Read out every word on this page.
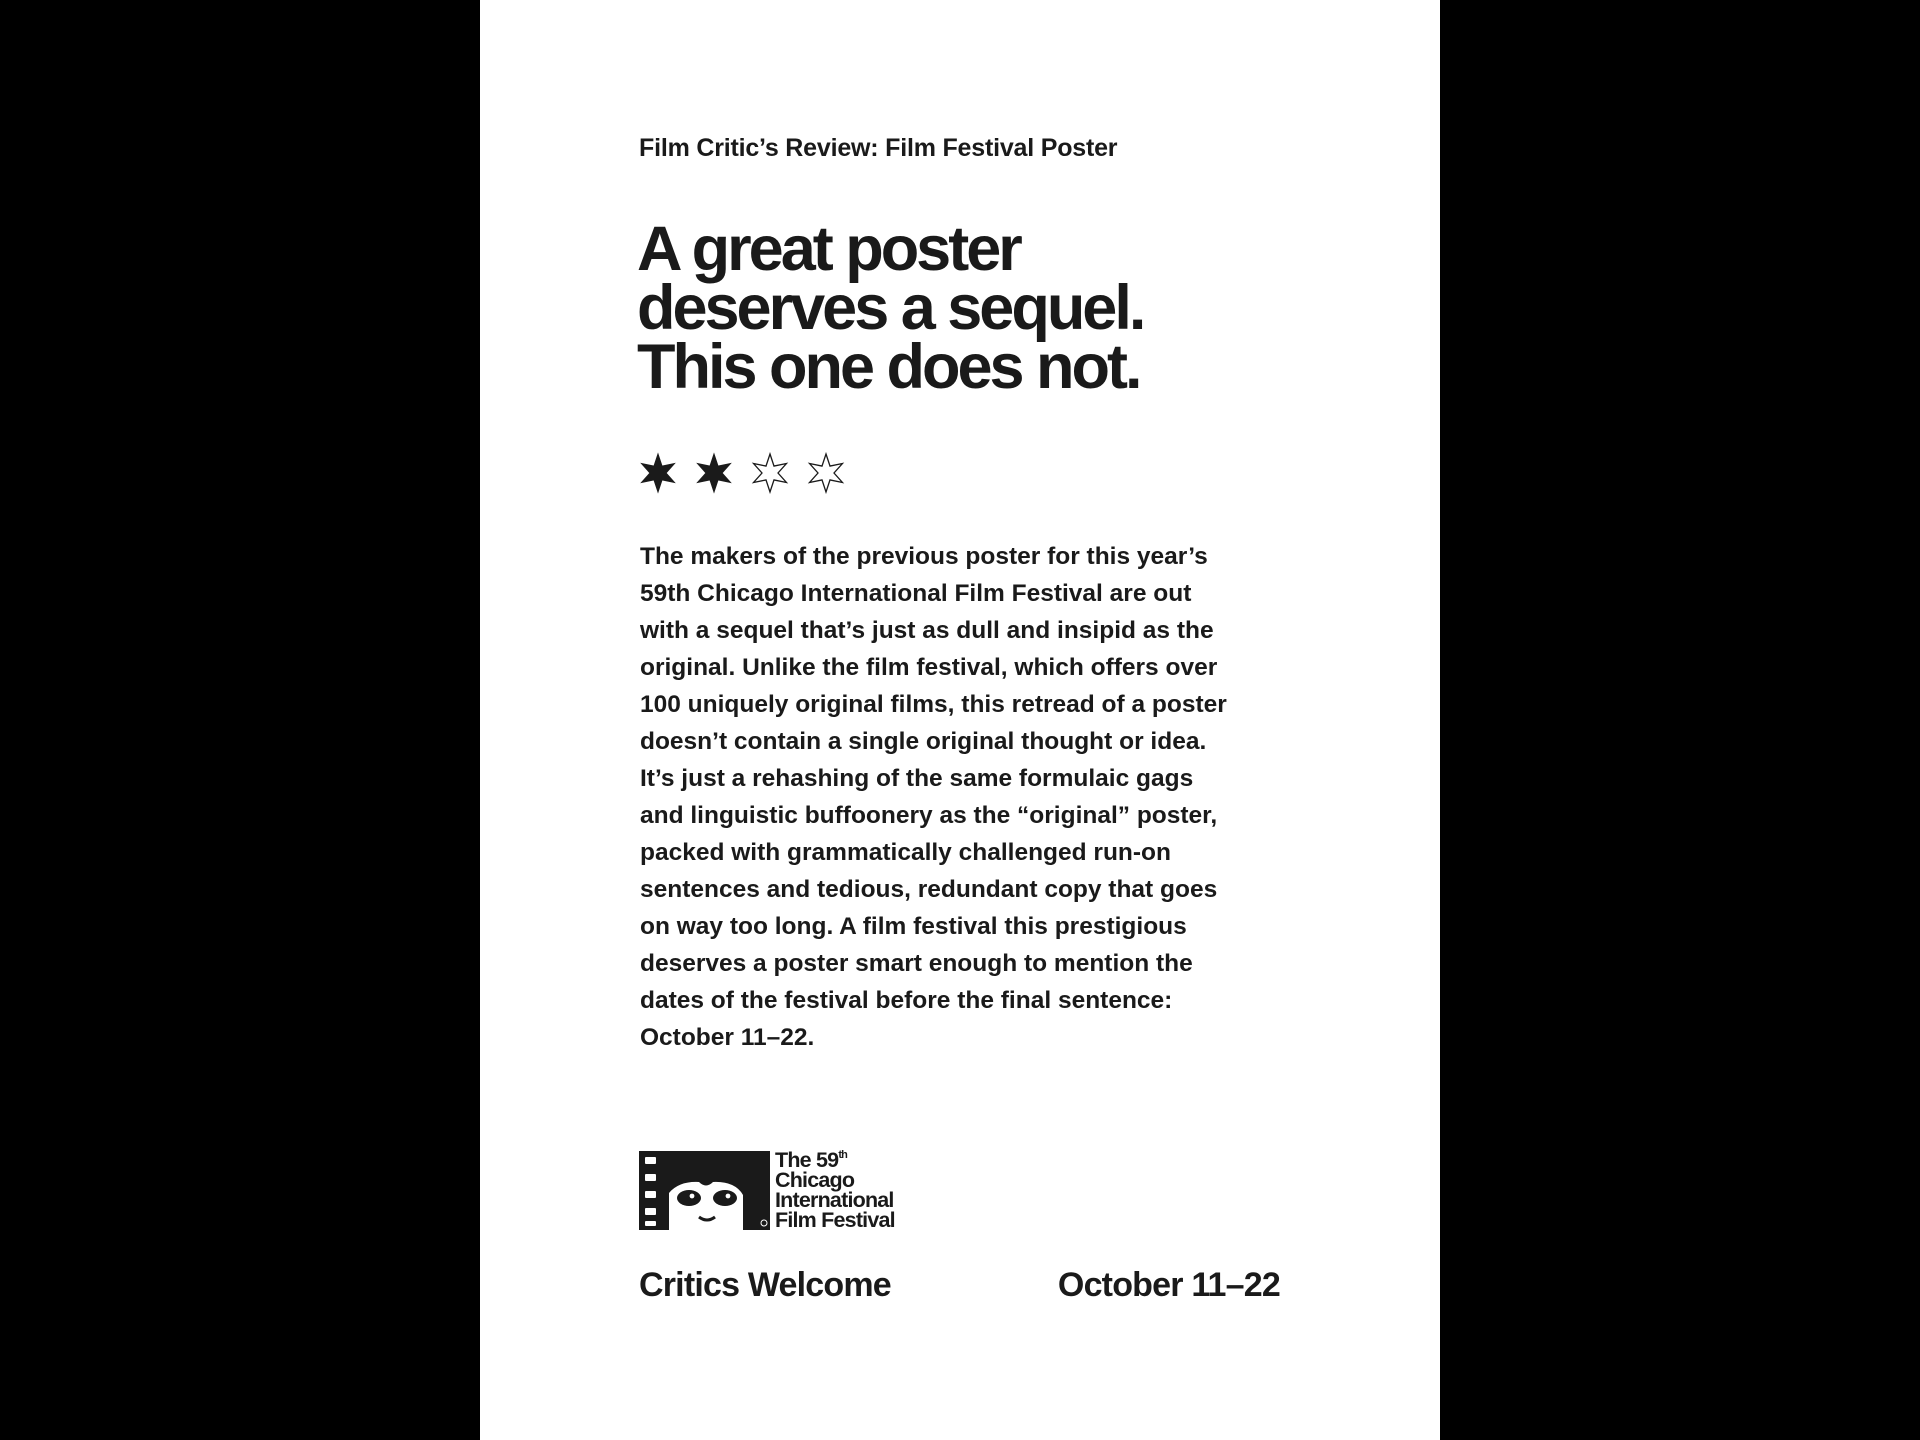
Film Critic’s Review: Film Festival Poster
A great poster
deserves a sequel.
This one does not.
The makers of the previous poster for this year’s
59th Chicago International Film Festival are out
with a sequel that’s just as dull and insipid as the
original. Unlike the film festival, which offers over
100 uniquely original films, this retread of a poster
doesn’t contain a single original thought or idea.
It’s just a rehashing of the same formulaic gags
and linguistic buffoonery as the “original” poster,
packed with grammatically challenged run-on
sentences and tedious, redundant copy that goes
on way too long. A film festival this prestigious
deserves a poster smart enough to mention the
dates of the festival before the final sentence:
October 11–22.
The 59th
Chicago
International
Film Festival
Critics Welcome	October 11–22
